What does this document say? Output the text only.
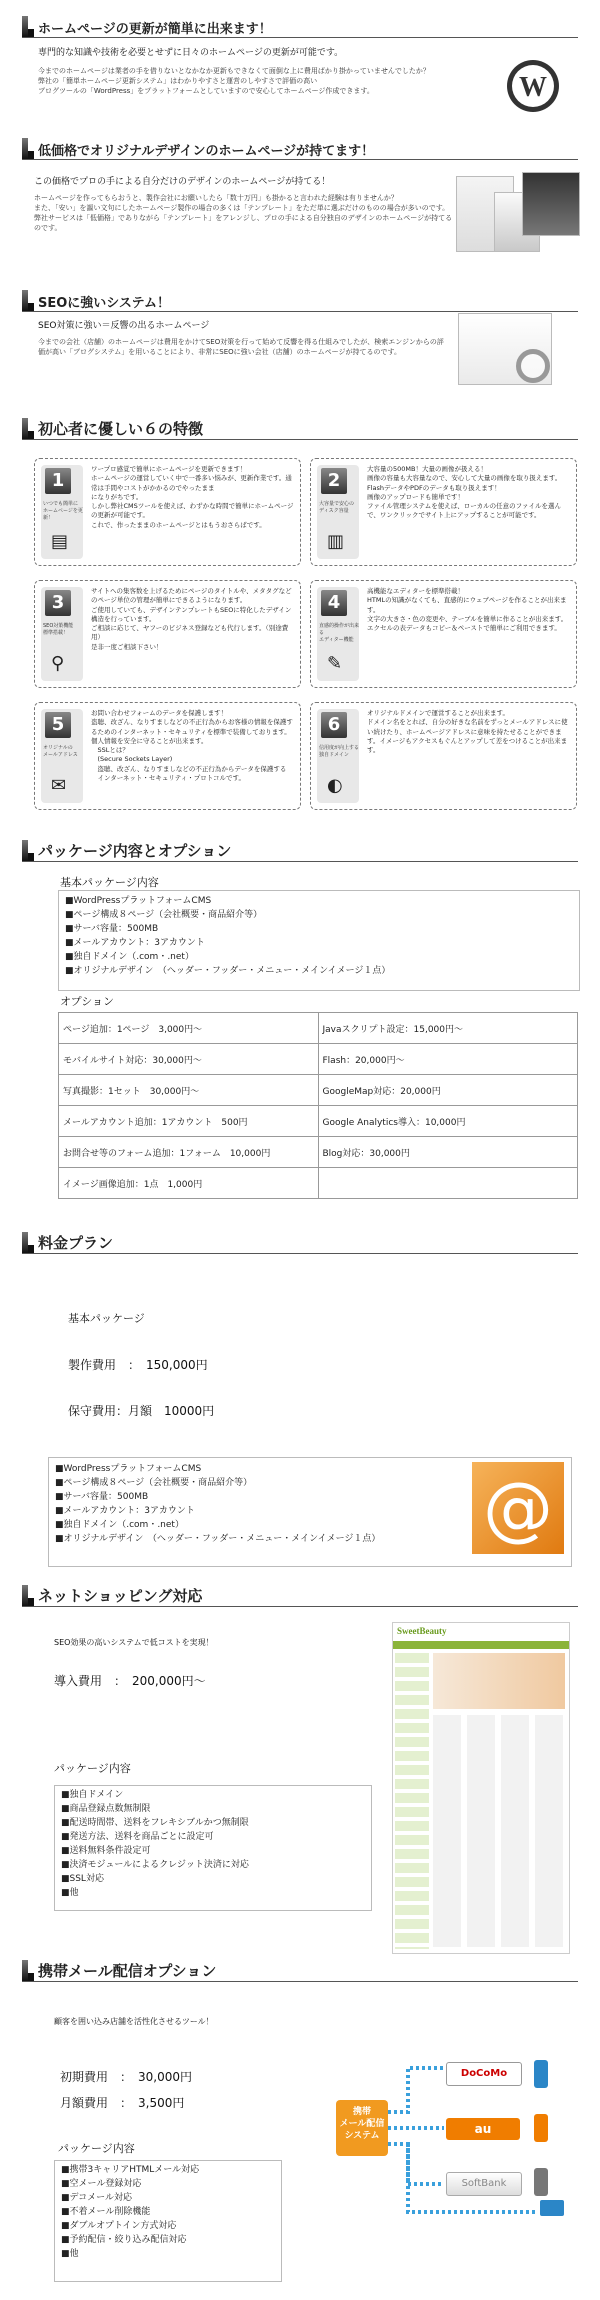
ホームページの更新が簡単に出来ます！
専門的な知識や技術を必要とせずに日々のホームページの更新が可能です。
今までのホームページは業者の手を借りないとなかなか更新もできなくて面倒な上に費用ばかり掛かっていませんでしたか？
弊社の「簡単ホームページ更新システム」はわかりやすさと運営のしやすさで評価の高い
ブログツールの「WordPress」をプラットフォームとしていますので安心してホームページ作成できます。	W
低価格でオリジナルデザインのホームページが持てます！
この価格でプロの手による自分だけのデザインのホームページが持てる！
ホームページを作ってもらおうと、製作会社にお願いしたら「数十万円」も掛かると言われた経験は有りませんか？
また、「安い」を謳い文句にしたホームページ製作の場合の多くは「テンプレート」をただ単に選ぶだけのものの場合が多いのです。
弊社サービスは「低価格」でありながら「テンプレート」をアレンジし、プロの手による自分独自のデザインのホームページが持てるのです。
SEOに強いシステム！
SEO対策に強い＝反響の出るホームページ
今までの会社（店舗）のホームページは費用をかけてSEO対策を行って始めて反響を得る仕組みでしたが、検索エンジンからの評価が高い「ブログシステム」を用いることにより、非常にSEOに強い会社（店舗）のホームページが持てるのです。
初心者に優しい６の特徴
1
いつでも簡単に
ホームページを更新！
▤
ワープロ感覚で簡単にホームページを更新できます！
ホームページの運営していく中で一番多い悩みが、更新作業です。通常は手間やコストがかかるのでやったまま
になりがちです。
しかし弊社CMSツールを使えば、わずかな時間で簡単にホームページの更新が可能です。
これで、作ったままのホームページとはもうおさらばです。
2
大容量で安心の
ディスク容量
▥
大容量の500MB！大量の画像が扱える！
画像の容量も大容量なので、安心して大量の画像を取り扱えます。
FlashデータやPDFのデータも取り扱えます！
画像のアップロードも簡単です！
ファイル管理システムを使えば、ローカルの任意のファイルを選んで、ワンクリックでサイト上にアップすることが可能です。
3
SEO対策機能
標準搭載！
⚲
サイトへの集客数を上げるためにページのタイトルや、メタタグなどのページ単位の管理が簡単にできるようになります。
ご使用していても、デザインテンプレートもSEOに特化したデザイン構造を行っています。
ご相談に応じて、ヤフーのビジネス登録なども代行します。（別途費用）
是非一度ご相談下さい！
4
直感的操作が出来る
エディター機能
✎
高機能なエディターを標準搭載！
HTMLの知識がなくても、直感的にウェブページを作ることが出来ます。
文字の大きさ・色の変更や、テーブルを簡単に作ることが出来ます。
エクセルの表データもコピー＆ペーストで簡単にご利用できます。
5
オリジナルの
メールアドレス
✉
お問い合わせフォームのデータを保護します！
盗聴、改ざん、なりすましなどの不正行為からお客様の情報を保護するためのインターネット・セキュリティを標準で装備しております。
個人情報を安全に守ることが出来ます。
　SSLとは？
　(Secure Sockets Layer)
　盗聴、改ざん、なりすましなどの不正行為からデータを保護する
　インターネット・セキュリティ・プロトコルです。
6
信用度が向上する
独自ドメイン
◐
オリジナルドメインで運営することが出来ます。
ドメイン名をとれば、自分の好きな名前をずっとメールアドレスに使い続けたり、ホームページアドレスに意味を持たせることができます。イメージもアクセスもぐんとアップして差をつけることが出来ます。
パッケージ内容とオプション
基本パッケージ内容
■WordPressプラットフォームCMS
■ページ構成８ページ（会社概要・商品紹介等）
■サーバ容量：500MB
■メールアカウント：3アカウント
■独自ドメイン（.com・.net）
■オリジナルデザイン　（ヘッダー・フッダー・メニュー・メインイメージ１点）
オプション
ページ追加：1ページ　3,000円〜	Javaスクリプト設定：15,000円〜
モバイルサイト対応：30,000円〜	Flash：20,000円〜
写真撮影：1セット　30,000円〜	GoogleMap対応：20,000円
メールアカウント追加：1アカウント　500円	Google Analytics導入：10,000円
お問合せ等のフォーム追加：1フォーム　10,000円	Blog対応：30,000円
イメージ画像追加：1点　1,000円	
料金プラン
基本パッケージ
製作費用　：　150,000円
保守費用：月額　10000円
■WordPressプラットフォームCMS
■ページ構成８ページ（会社概要・商品紹介等）
■サーバ容量：500MB
■メールアカウント：3アカウント
■独自ドメイン（.com・.net）
■オリジナルデザイン　（ヘッダー・フッダー・メニュー・メインイメージ１点）	@
ネットショッピング対応
SEO効果の高いシステムで低コストを実現！
導入費用　：　200,000円〜
パッケージ内容
■独自ドメイン
■商品登録点数無制限
■配送時間帯、送料をフレキシブルかつ無制限
■発送方法、送料を商品ごとに設定可
■送料無料条件設定可
■決済モジュールによるクレジット決済に対応
■SSL対応
■他
SweetBeauty
携帯メール配信オプション
顧客を囲い込み店舗を活性化させるツール！
初期費用　：　30,000円
月額費用　：　3,500円
パッケージ内容
■携帯3キャリアHTMLメール対応
■空メール登録対応
■デコメール対応
■不着メール削除機能
■ダブルオプトイン方式対応
■予約配信・絞り込み配信対応
■他
携帯
メール配信
システム
DoCoMo
au
SoftBank
